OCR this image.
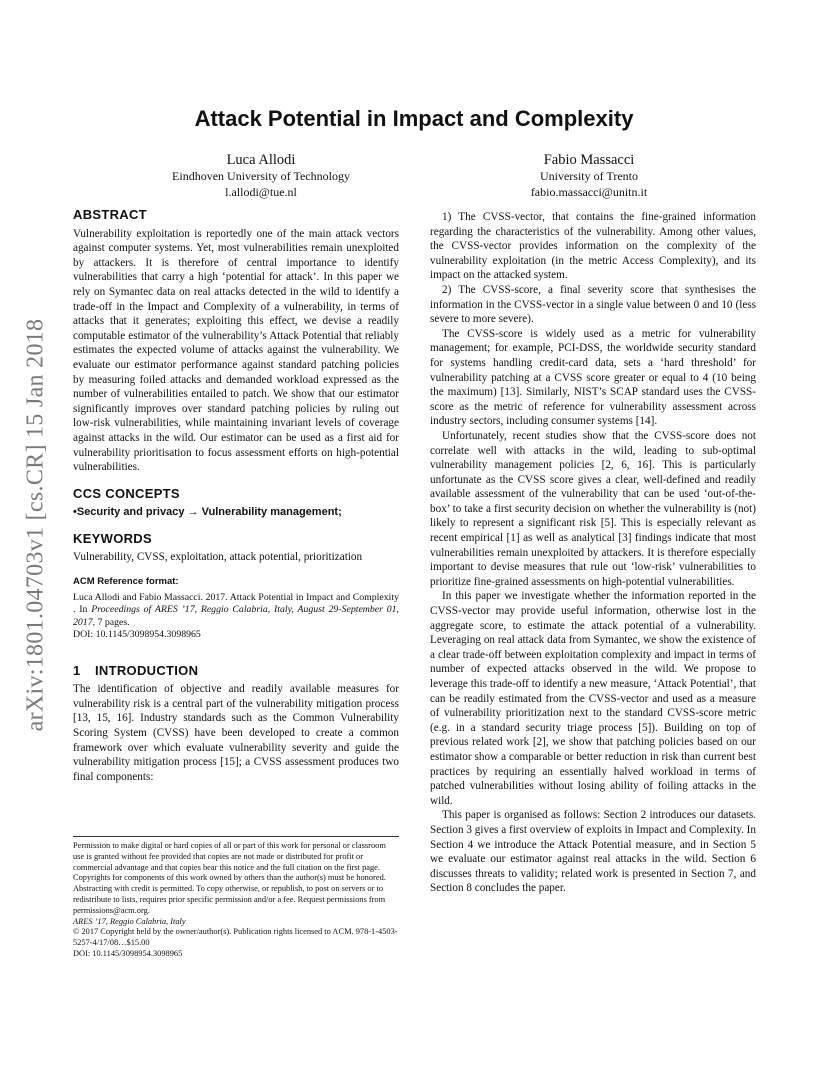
arXiv:1801.04703v1 [cs.CR] 15 Jan 2018
Attack Potential in Impact and Complexity
Luca Allodi
Eindhoven University of Technology
l.allodi@tue.nl
Fabio Massacci
University of Trento
fabio.massacci@unitn.it
ABSTRACT

Vulnerability exploitation is reportedly one of the main attack vectors against computer systems. Yet, most vulnerabilities remain unexploited by attackers. It is therefore of central importance to identify vulnerabilities that carry a high ‘potential for attack’. In this paper we rely on Symantec data on real attacks detected in the wild to identify a trade-off in the Impact and Complexity of a vulnerability, in terms of attacks that it generates; exploiting this effect, we devise a readily computable estimator of the vulnerability’s Attack Potential that reliably estimates the expected volume of attacks against the vulnerability. We evaluate our estimator performance against standard patching policies by measuring foiled attacks and demanded workload expressed as the number of vulnerabilities entailed to patch. We show that our estimator significantly improves over standard patching policies by ruling out low-risk vulnerabilities, while maintaining invariant levels of coverage against attacks in the wild. Our estimator can be used as a first aid for vulnerability prioritisation to focus assessment efforts on high-potential vulnerabilities.

CCS CONCEPTS

•Security and privacy → Vulnerability management;

KEYWORDS

Vulnerability, CVSS, exploitation, attack potential, prioritization

ACM Reference format:

Luca Allodi and Fabio Massacci. 2017. Attack Potential in Impact and Complexity . In Proceedings of ARES ’17, Reggio Calabria, Italy, August 29-September 01, 2017, 7 pages.
DOI: 10.1145/3098954.3098965

1 INTRODUCTION

The identification of objective and readily available measures for vulnerability risk is a central part of the vulnerability mitigation process [13, 15, 16]. Industry standards such as the Common Vulnerability Scoring System (CVSS) have been developed to create a common framework over which evaluate vulnerability severity and guide the vulnerability mitigation process [15]; a CVSS assessment produces two final components:

Permission to make digital or hard copies of all or part of this work for personal or classroom use is granted without fee provided that copies are not made or distributed for profit or commercial advantage and that copies bear this notice and the full citation on the first page. Copyrights for components of this work owned by others than the author(s) must be honored. Abstracting with credit is permitted. To copy otherwise, or republish, to post on servers or to redistribute to lists, requires prior specific permission and/or a fee. Request permissions from permissions@acm.org.

ARES ’17, Reggio Calabria, Italy

© 2017 Copyright held by the owner/author(s). Publication rights licensed to ACM. 978-1-4503-5257-4/17/08…$15.00

DOI: 10.1145/3098954.3098965

1) The CVSS-vector, that contains the fine-grained information regarding the characteristics of the vulnerability. Among other values, the CVSS-vector provides information on the complexity of the vulnerability exploitation (in the metric Access Complexity), and its impact on the attacked system.

2) The CVSS-score, a final severity score that synthesises the information in the CVSS-vector in a single value between 0 and 10 (less severe to more severe).

The CVSS-score is widely used as a metric for vulnerability management; for example, PCI-DSS, the worldwide security standard for systems handling credit-card data, sets a ‘hard threshold’ for vulnerability patching at a CVSS score greater or equal to 4 (10 being the maximum) [13]. Similarly, NIST’s SCAP standard uses the CVSS-score as the metric of reference for vulnerability assessment across industry sectors, including consumer systems [14].

Unfortunately, recent studies show that the CVSS-score does not correlate well with attacks in the wild, leading to sub-optimal vulnerability management policies [2, 6, 16]. This is particularly unfortunate as the CVSS score gives a clear, well-defined and readily available assessment of the vulnerability that can be used ‘out-of-the-box’ to take a first security decision on whether the vulnerability is (not) likely to represent a significant risk [5]. This is especially relevant as recent empirical [1] as well as analytical [3] findings indicate that most vulnerabilities remain unexploited by attackers. It is therefore especially important to devise measures that rule out ‘low-risk’ vulnerabilities to prioritize fine-grained assessments on high-potential vulnerabilities.

In this paper we investigate whether the information reported in the CVSS-vector may provide useful information, otherwise lost in the aggregate score, to estimate the attack potential of a vulnerability. Leveraging on real attack data from Symantec, we show the existence of a clear trade-off between exploitation complexity and impact in terms of number of expected attacks observed in the wild. We propose to leverage this trade-off to identify a new measure, ‘Attack Potential’, that can be readily estimated from the CVSS-vector and used as a measure of vulnerability prioritization next to the standard CVSS-score metric (e.g. in a standard security triage process [5]). Building on top of previous related work [2], we show that patching policies based on our estimator show a comparable or better reduction in risk than current best practices by requiring an essentially halved workload in terms of patched vulnerabilities without losing ability of foiling attacks in the wild.

This paper is organised as follows: Section 2 introduces our datasets. Section 3 gives a first overview of exploits in Impact and Complexity. In Section 4 we introduce the Attack Potential measure, and in Section 5 we evaluate our estimator against real attacks in the wild. Section 6 discusses threats to validity; related work is presented in Section 7, and Section 8 concludes the paper.
